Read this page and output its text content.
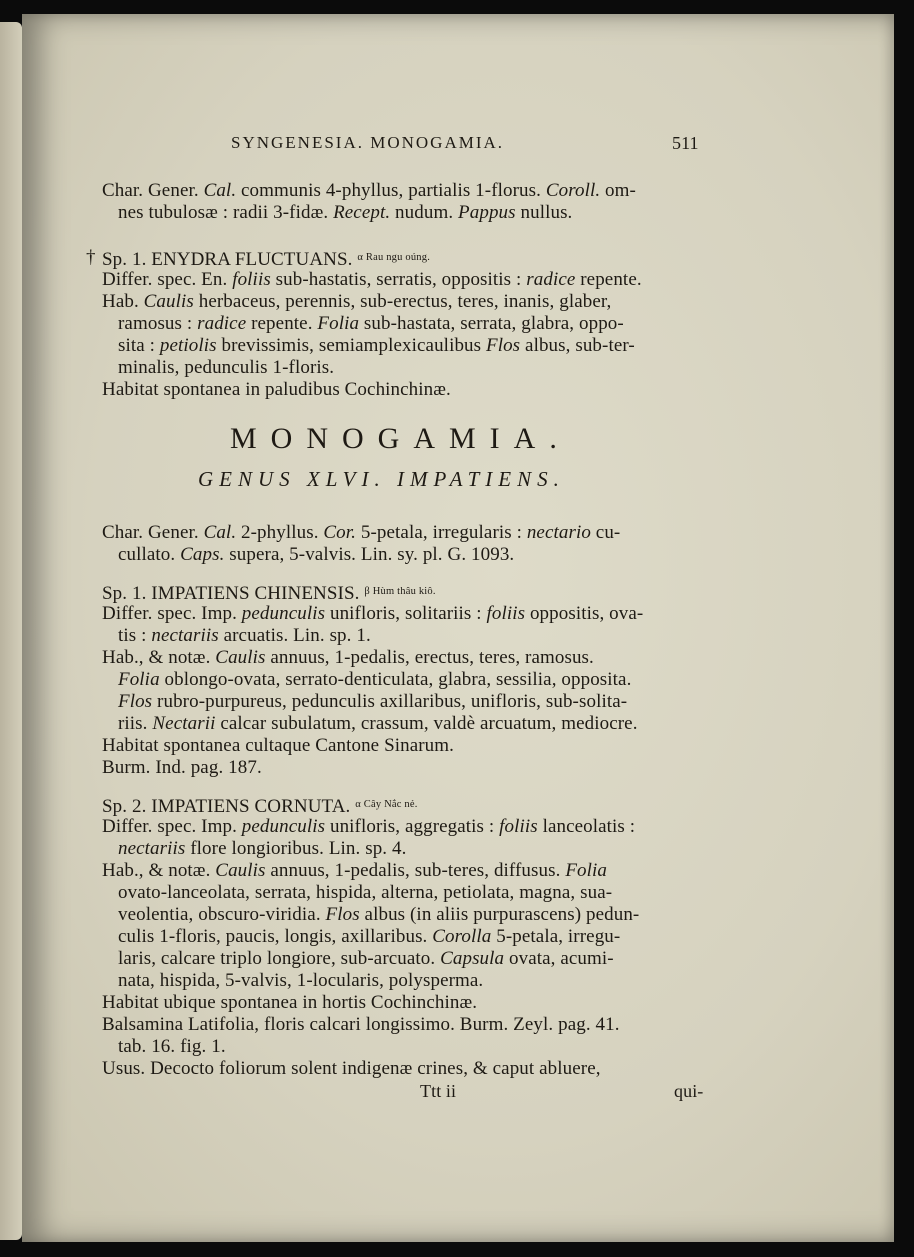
SYNGENESIA. MONOGAMIA.	511
Char. Gener. Cal. communis 4-phyllus, partialis 1-florus. Coroll. om-
nes tubulosæ : radii 3-fidæ. Recept. nudum. Pappus nullus.
† Sp. 1. ENYDRA FLUCTUANS. $^{\alpha Rau ngu oúng.}$
Differ. spec. En. foliis sub-hastatis, serratis, oppositis : radice repente.
Hab. Caulis herbaceus, perennis, sub-erectus, teres, inanis, glaber,
ramosus : radice repente. Folia sub-hastata, serrata, glabra, oppo-
sita : petiolis brevissimis, semiamplexicaulibus Flos albus, sub-ter-
minalis, pedunculis 1-floris.
Habitat spontanea in paludibus Cochinchinæ.
MONOGAMIA.
GENUS XLVI. IMPATIENS.
Char. Gener. Cal. 2-phyllus. Cor. 5-petala, irregularis : nectario cu-
cullato. Caps. supera, 5-valvis. Lin. sy. pl. G. 1093.
Sp. 1. IMPATIENS CHINENSIS. $^{\beta Hùm thâu kiô.}$
Differ. spec. Imp. pedunculis unifloris, solitariis : foliis oppositis, ova-
tis : nectariis arcuatis. Lin. sp. 1.
Hab., & notæ. Caulis annuus, 1-pedalis, erectus, teres, ramosus.
Folia oblongo-ovata, serrato-denticulata, glabra, sessilia, opposita.
Flos rubro-purpureus, pedunculis axillaribus, unifloris, sub-solita-
riis. Nectarii calcar subulatum, crassum, valdè arcuatum, mediocre.
Habitat spontanea cultaque Cantone Sinarum.
Burm. Ind. pag. 187.
Sp. 2. IMPATIENS CORNUTA. $^{\alpha Cây Nắc nẻ.}$
Differ. spec. Imp. pedunculis unifloris, aggregatis : foliis lanceolatis :
nectariis flore longioribus. Lin. sp. 4.
Hab., & notæ. Caulis annuus, 1-pedalis, sub-teres, diffusus. Folia
ovato-lanceolata, serrata, hispida, alterna, petiolata, magna, sua-
veolentia, obscuro-viridia. Flos albus (in aliis purpurascens) pedun-
culis 1-floris, paucis, longis, axillaribus. Corolla 5-petala, irregu-
laris, calcare triplo longiore, sub-arcuato. Capsula ovata, acumi-
nata, hispida, 5-valvis, 1-locularis, polysperma.
Habitat ubique spontanea in hortis Cochinchinæ.
Balsamina Latifolia, floris calcari longissimo. Burm. Zeyl. pag. 41.
tab. 16. fig. 1.
Usus. Decocto foliorum solent indigenæ crines, & caput abluere,
Ttt ii	qui-
